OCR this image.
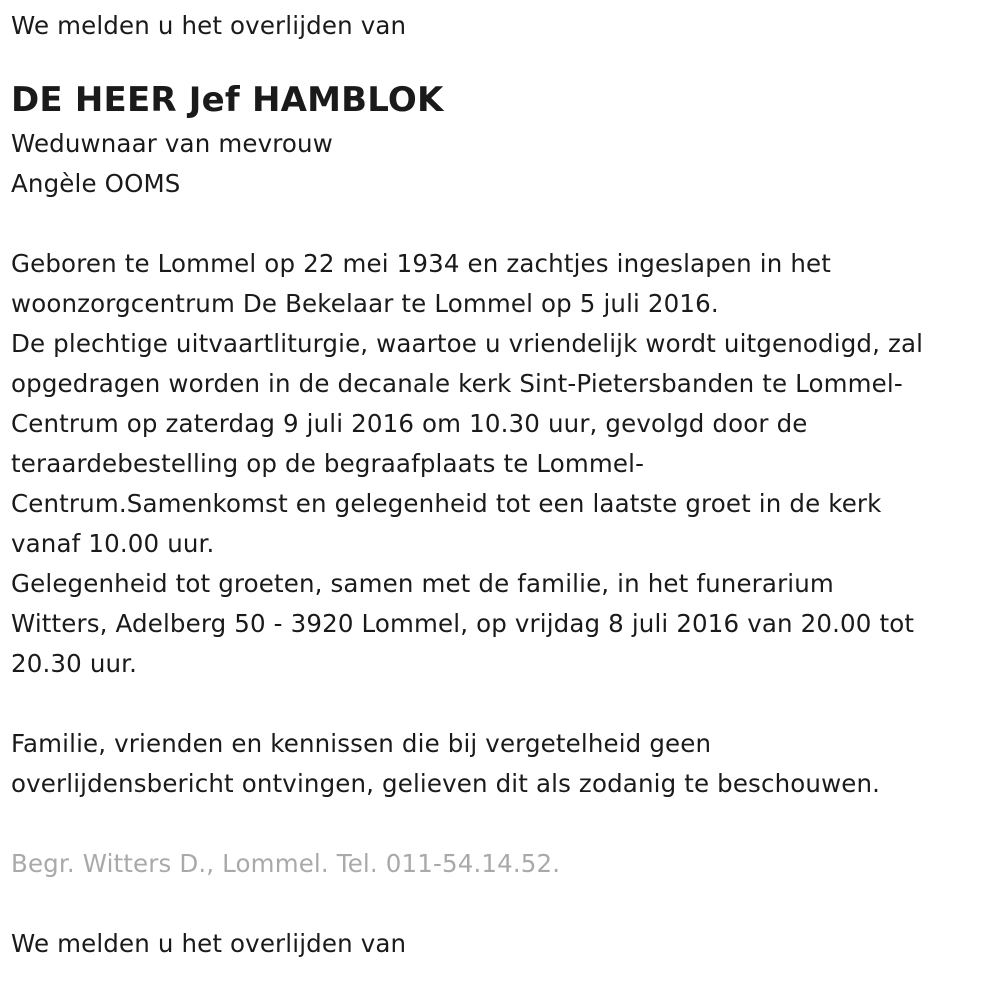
We melden u het overlijden van
DE HEER Jef HAMBLOK
Weduwnaar van mevrouw
Angèle OOMS
Geboren te Lommel op 22 mei 1934 en zachtjes ingeslapen in het
woonzorgcentrum De Bekelaar te Lommel op 5 juli 2016.
De plechtige uitvaartliturgie, waartoe u vriendelijk wordt uitgenodigd, zal
opgedragen worden in de decanale kerk Sint-Pietersbanden te Lommel-
Centrum op zaterdag 9 juli 2016 om 10.30 uur, gevolgd door de
teraardebestelling op de begraafplaats te Lommel-
Centrum.Samenkomst en gelegenheid tot een laatste groet in de kerk
vanaf 10.00 uur.
Gelegenheid tot groeten, samen met de familie, in het funerarium
Witters, Adelberg 50 - 3920 Lommel, op vrijdag 8 juli 2016 van 20.00 tot
20.30 uur.
Familie, vrienden en kennissen die bij vergetelheid geen
overlijdensbericht ontvingen, gelieven dit als zodanig te beschouwen.
Begr. Witters D., Lommel. Tel. 011-54.14.52.
We melden u het overlijden van
